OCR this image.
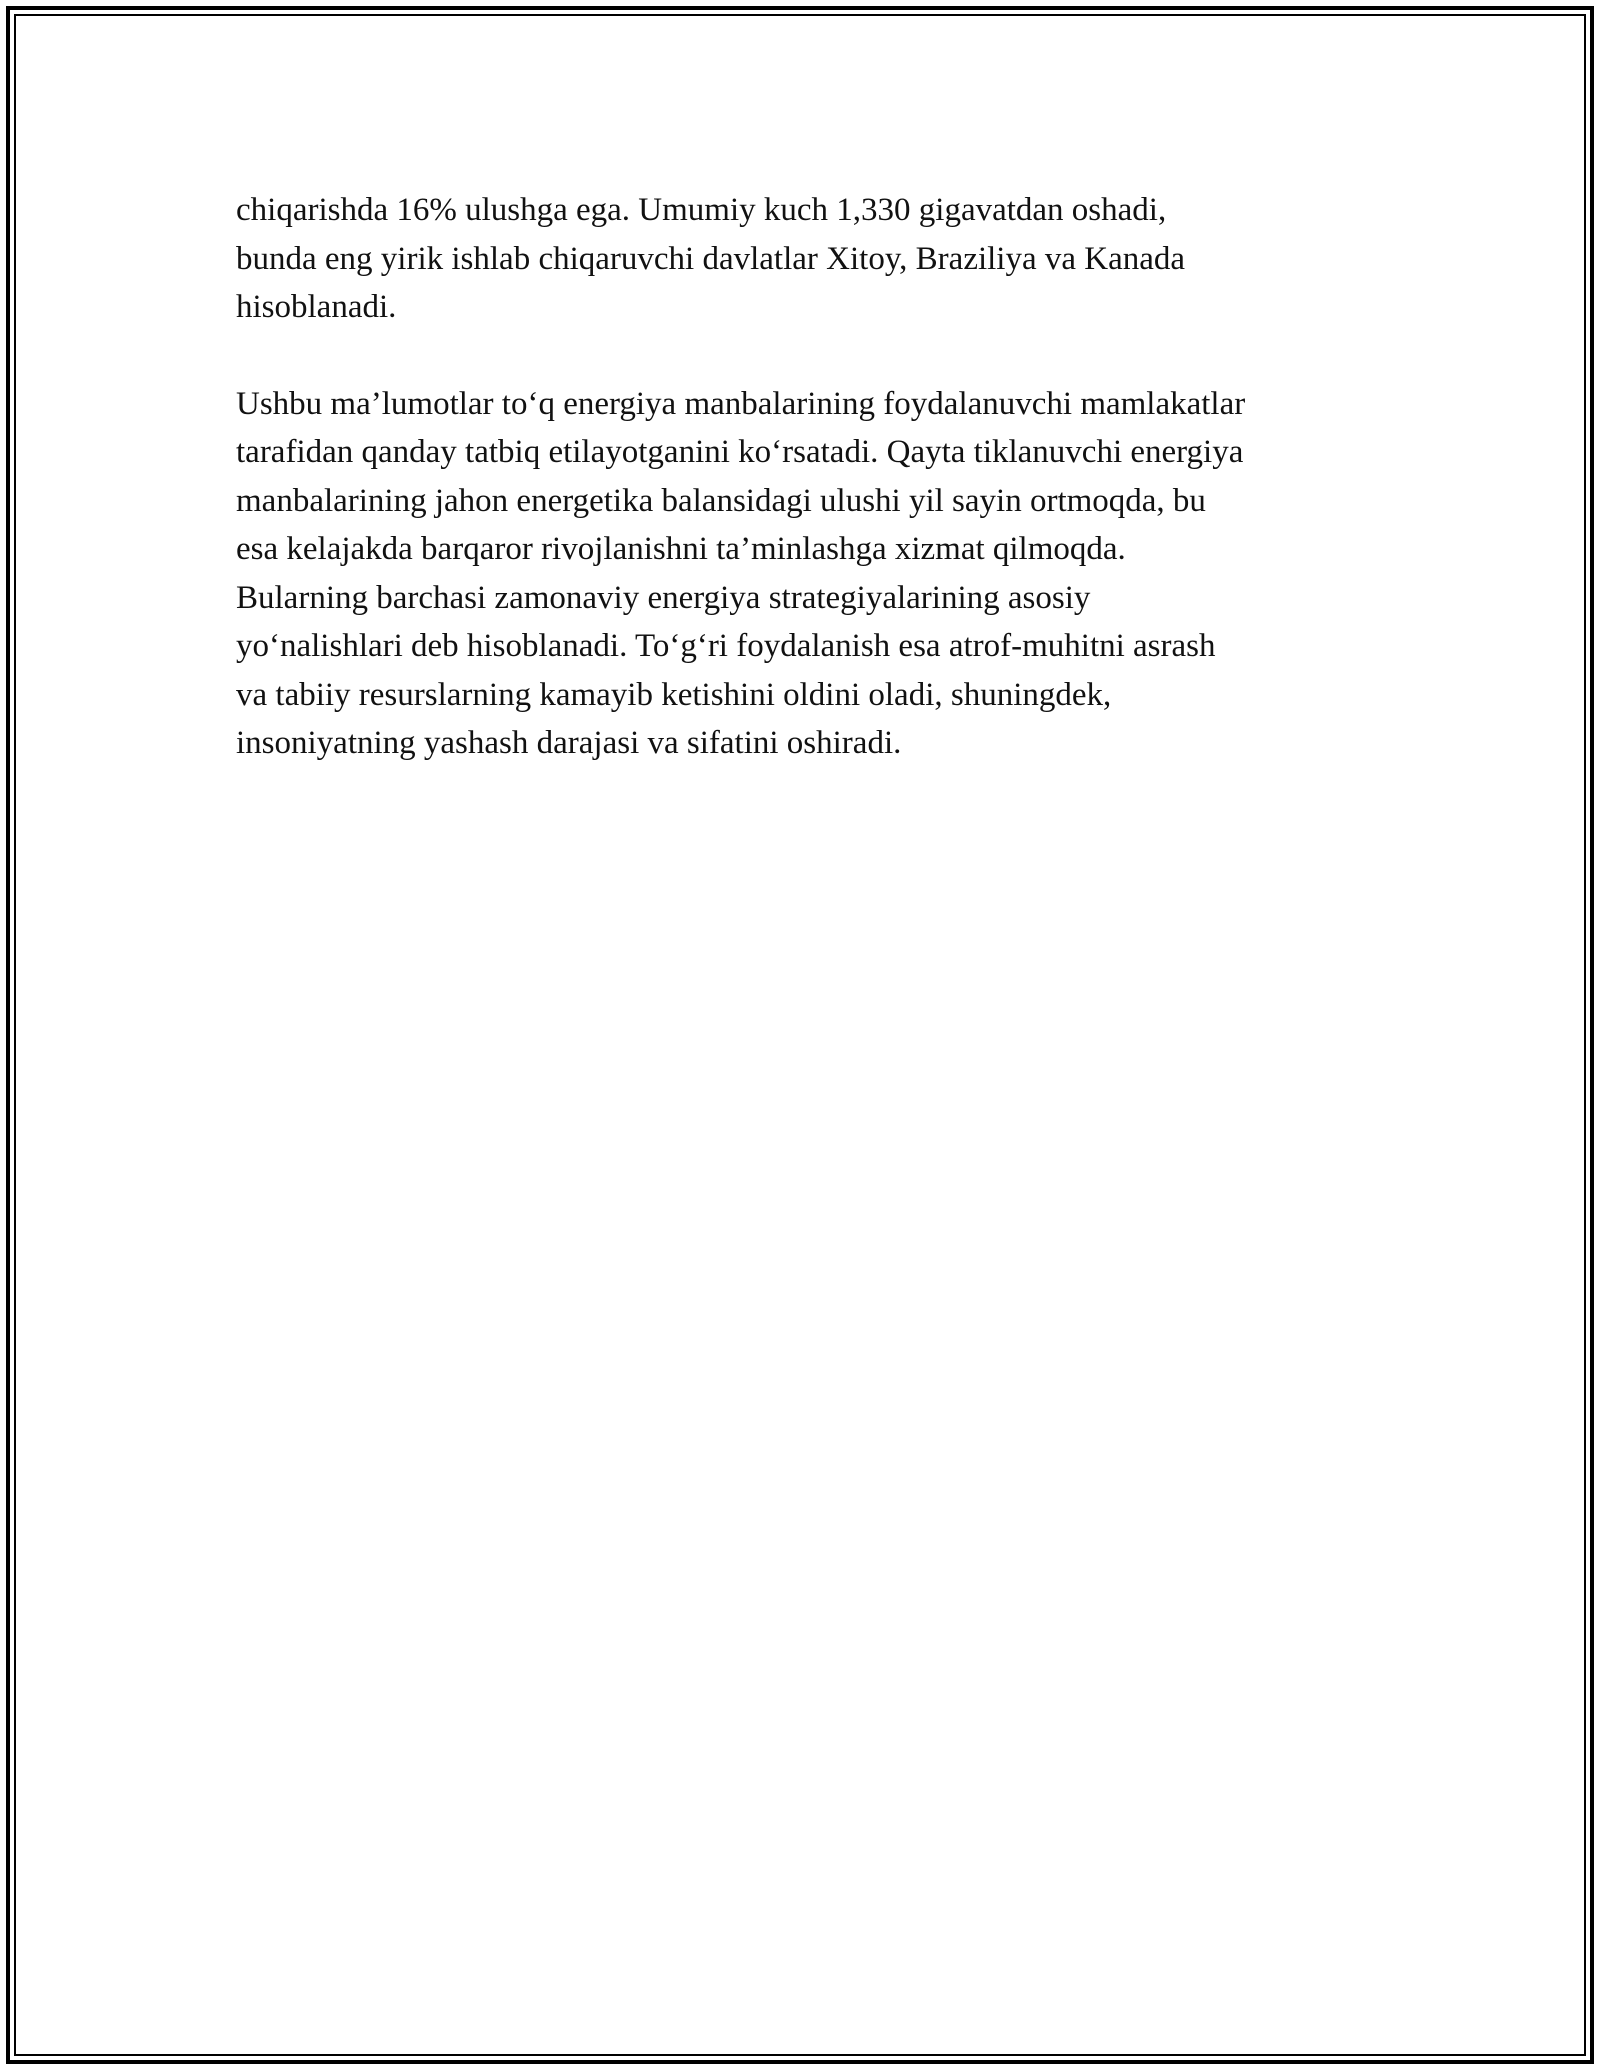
chiqarishda 16% ulushga ega. Umumiy kuch 1,330 gigavatdan oshadi,
bunda eng yirik ishlab chiqaruvchi davlatlar Xitoy, Braziliya va Kanada
hisoblanadi.

Ushbu ma’lumotlar to‘q energiya manbalarining foydalanuvchi mamlakatlar
tarafidan qanday tatbiq etilayotganini ko‘rsatadi. Qayta tiklanuvchi energiya
manbalarining jahon energetika balansidagi ulushi yil sayin ortmoqda, bu
esa kelajakda barqaror rivojlanishni ta’minlashga xizmat qilmoqda.
Bularning barchasi zamonaviy energiya strategiyalarining asosiy
yo‘nalishlari deb hisoblanadi. To‘g‘ri foydalanish esa atrof-muhitni asrash
va tabiiy resurslarning kamayib ketishini oldini oladi, shuningdek,
insoniyatning yashash darajasi va sifatini oshiradi.
